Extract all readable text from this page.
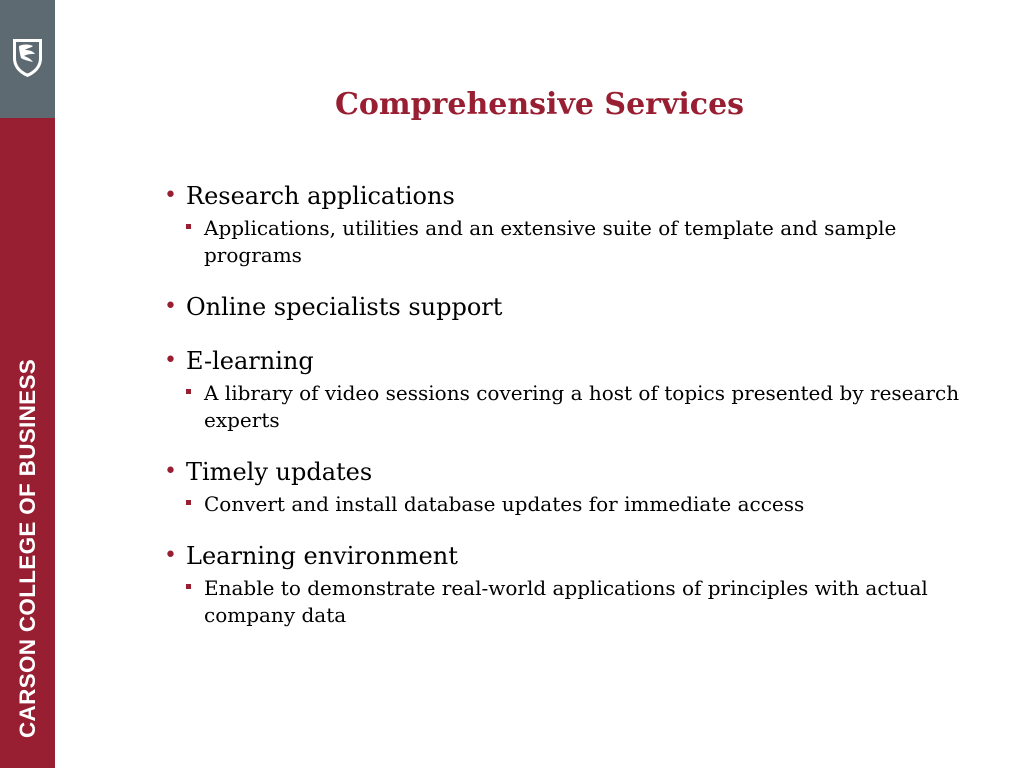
CARSON COLLEGE OF BUSINESS
Comprehensive Services
• Research applications
Applications, utilities and an extensive suite of template and sample programs
• Online specialists support
• E-learning
A library of video sessions covering a host of topics presented by research experts
• Timely updates
Convert and install database updates for immediate access
• Learning environment
Enable to demonstrate real-world applications of principles with actual company data
